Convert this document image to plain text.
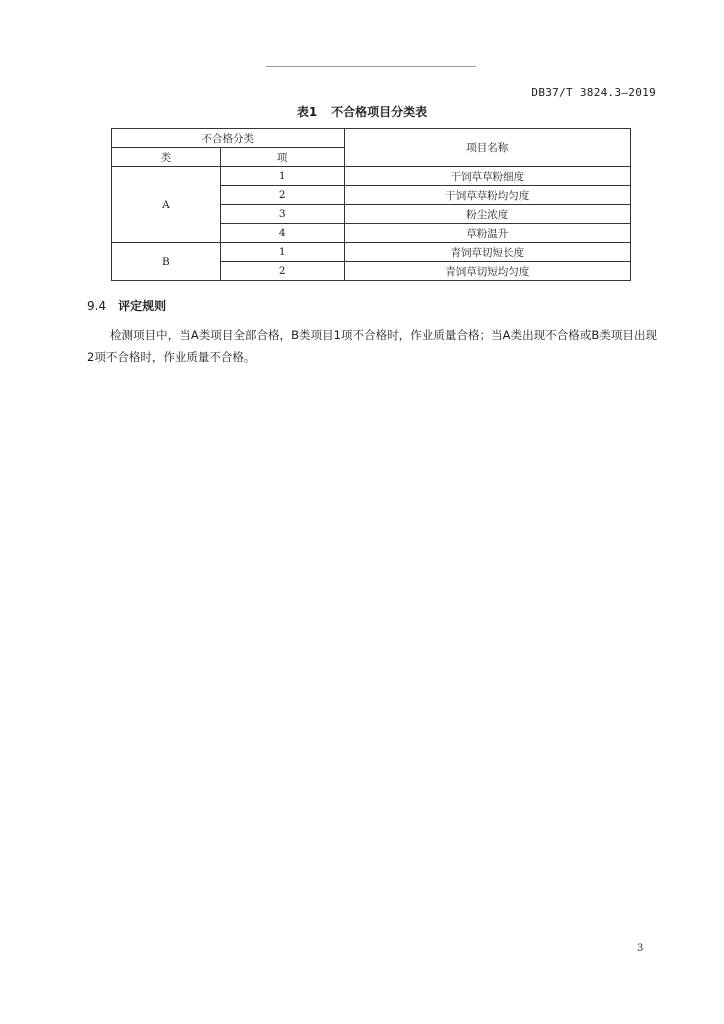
DB37/T 3824.3—2019
表1 不合格项目分类表
不合格分类		项目名称
类	项	
A	1	干饲草草粉细度
	2	干饲草草粉均匀度
	3	粉尘浓度
	4	草粉温升
B	1	青饲草切短长度
	2	青饲草切短均匀度
9.4 评定规则
检测项目中，当A类项目全部合格，B类项目1项不合格时，作业质量合格；当A类出现不合格或B类项目出现2项不合格时，作业质量不合格。
3
